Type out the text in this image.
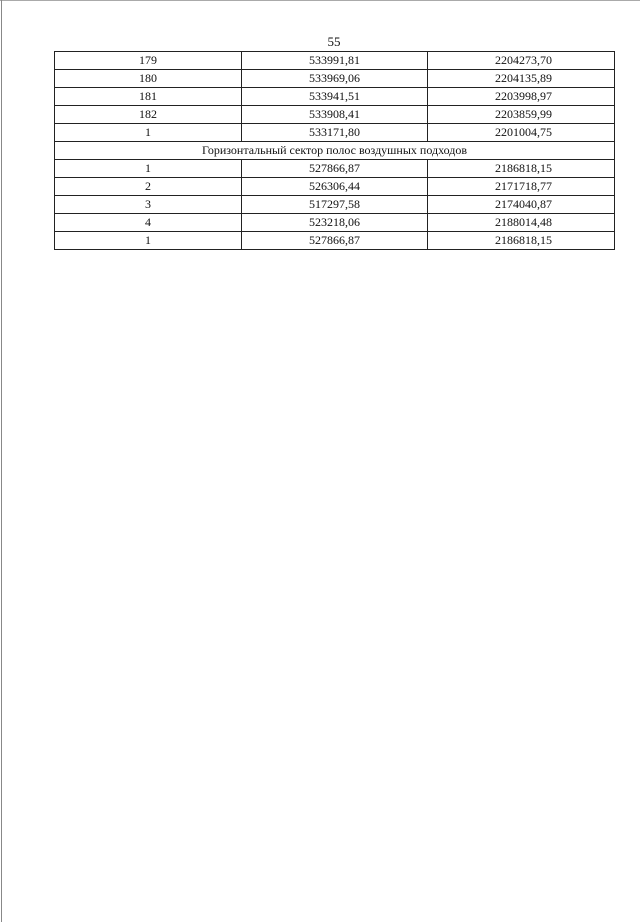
55
179	533991,81	2204273,70
180	533969,06	2204135,89
181	533941,51	2203998,97
182	533908,41	2203859,99
1	533171,80	2201004,75
Горизонтальный сектор полос воздушных подходов		
1	527866,87	2186818,15
2	526306,44	2171718,77
3	517297,58	2174040,87
4	523218,06	2188014,48
1	527866,87	2186818,15
